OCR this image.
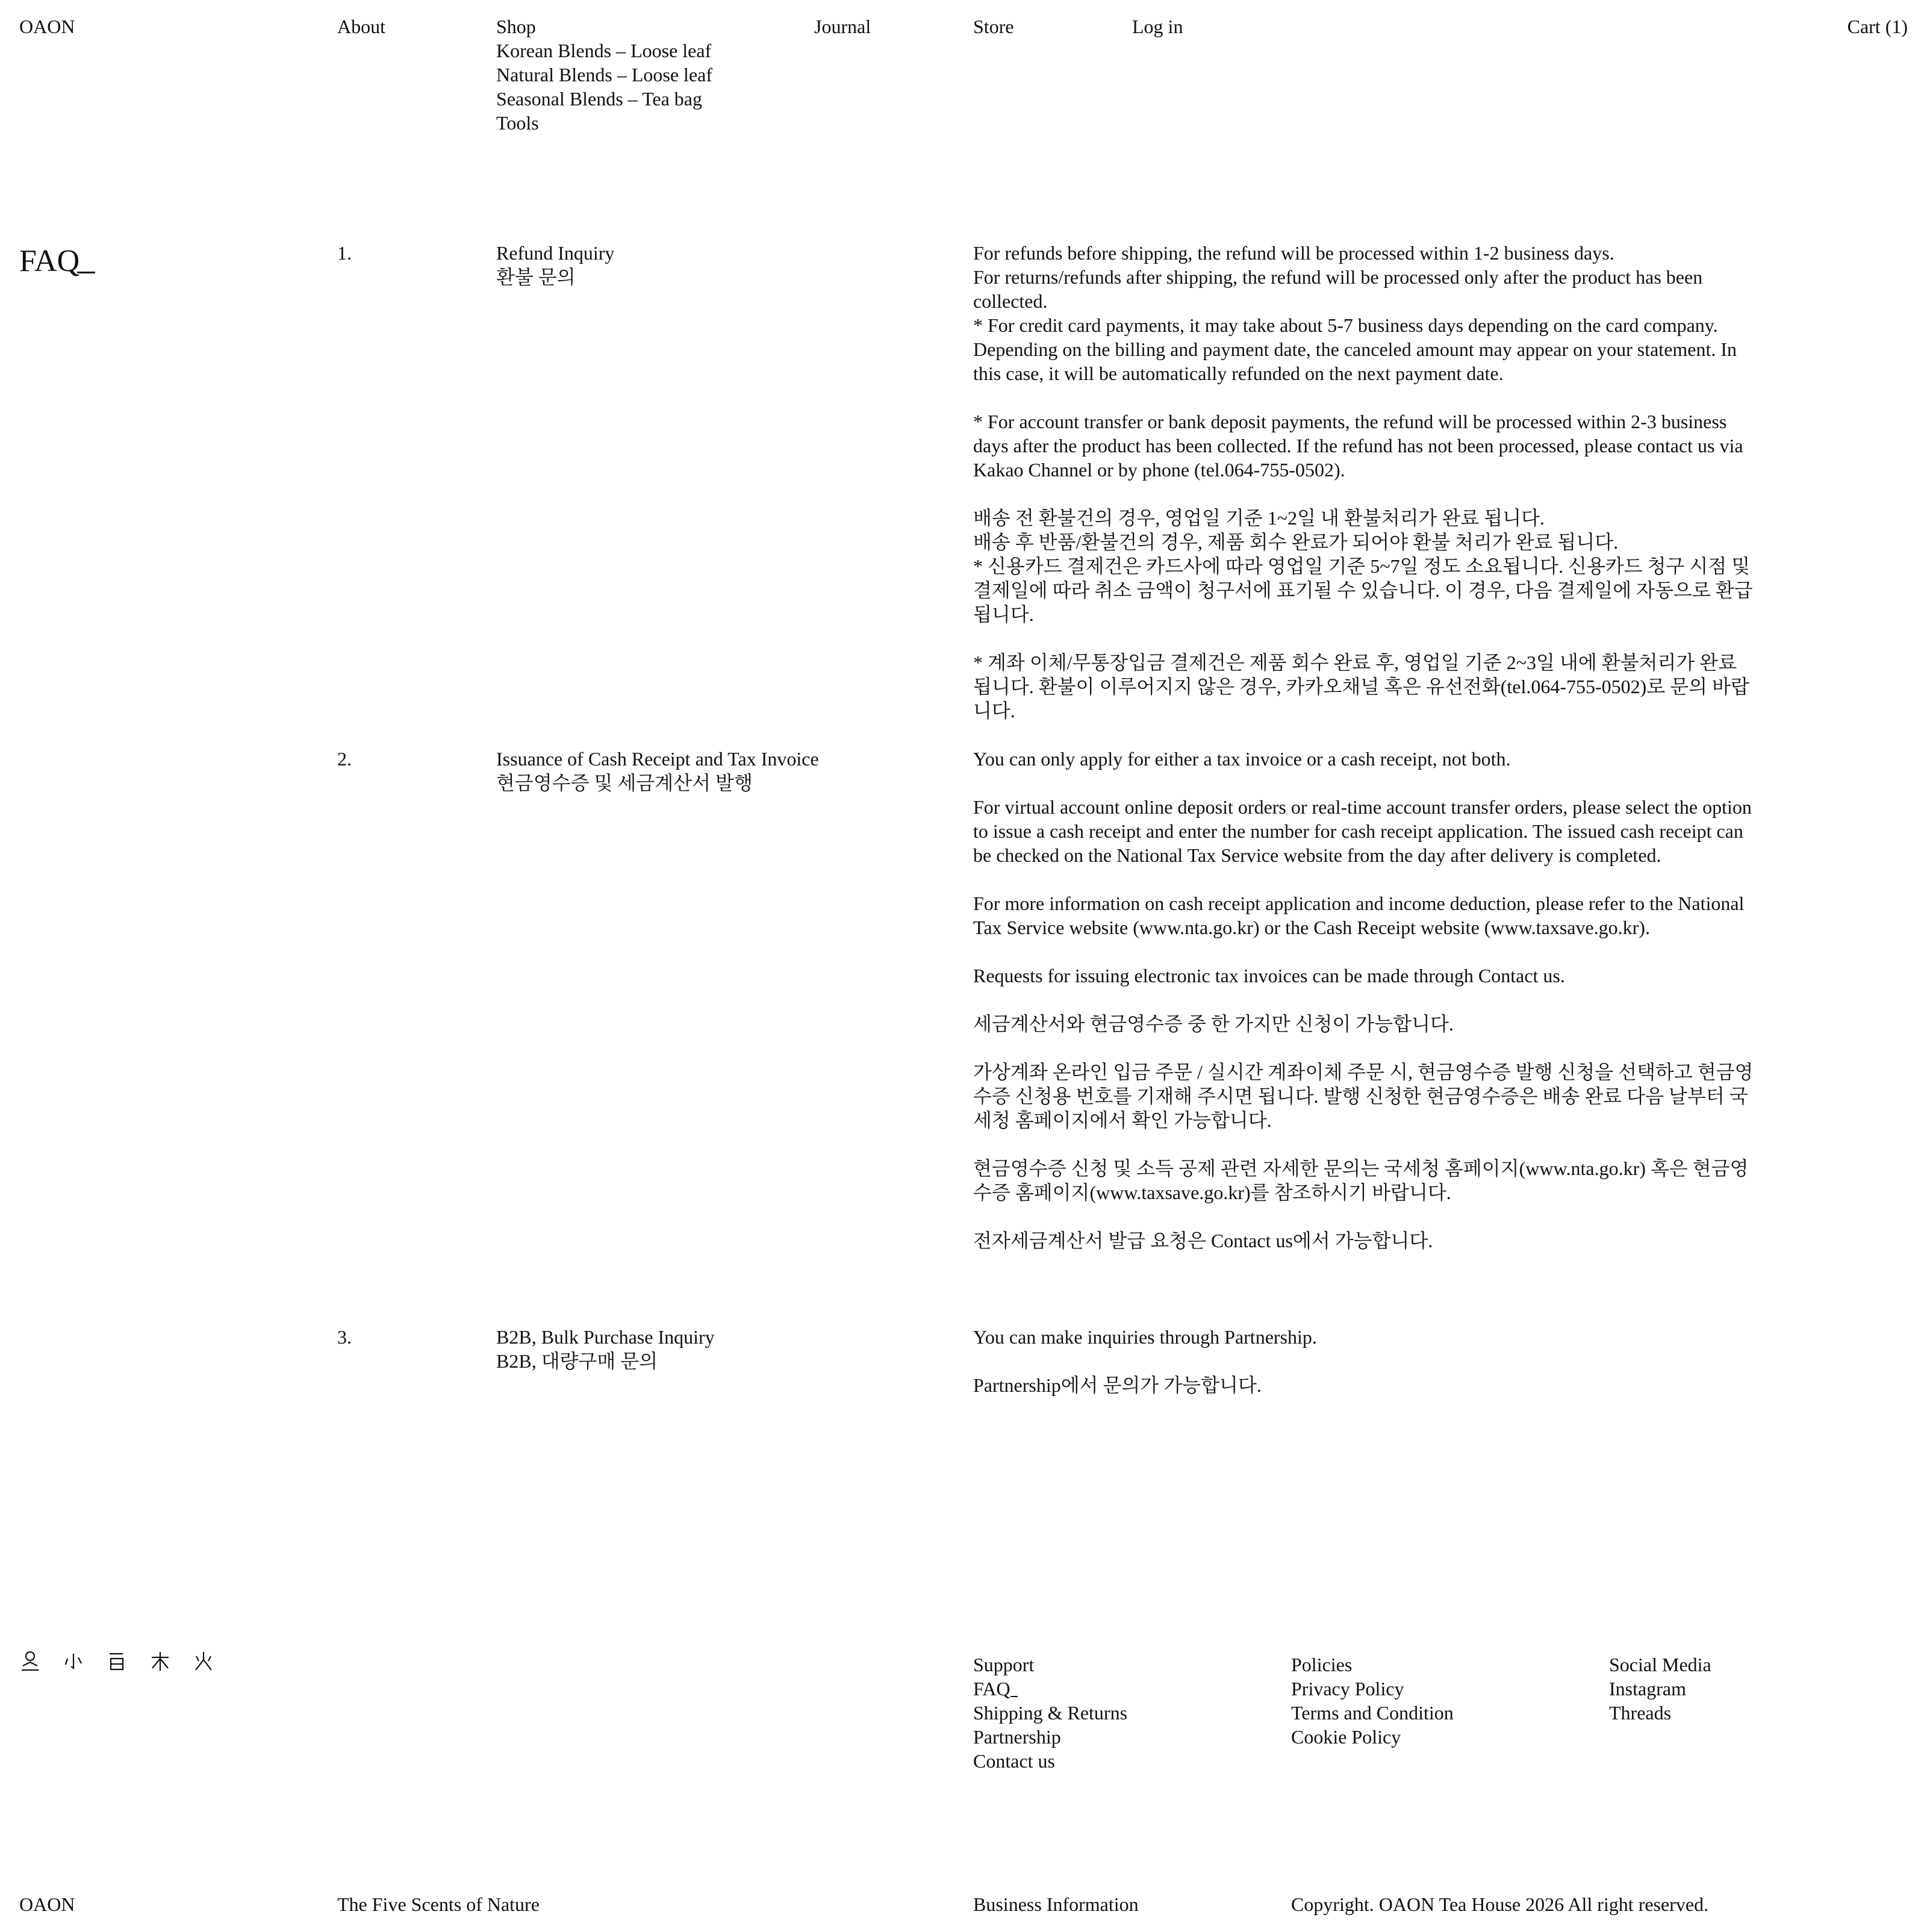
OAON	About	Shop
Korean Blends – Loose leaf
Natural Blends – Loose leaf
Seasonal Blends – Tea bag
Tools
Journal	Store	Log in	Cart (1)
FAQ	1.	Refund Inquiry
환불 문의

For refunds before shipping, the refund will be processed within 1-2 business days.
For returns/refunds after shipping, the refund will be processed only after the product has been collected.
* For credit card payments, it may take about 5-7 business days depending on the card company. Depending on the billing and payment date, the canceled amount may appear on your statement. In this case, it will be automatically refunded on the next payment date.

* For account transfer or bank deposit payments, the refund will be processed within 2-3 business days after the product has been collected. If the refund has not been processed, please contact us via Kakao Channel or by phone (tel.064-755-0502).

배송 전 환불건의 경우, 영업일 기준 1~2일 내 환불처리가 완료 됩니다.
배송 후 반품/환불건의 경우, 제품 회수 완료가 되어야 환불 처리가 완료 됩니다.
* 신용카드 결제건은 카드사에 따라 영업일 기준 5~7일 정도 소요됩니다. 신용카드 청구 시점 및 결제일에 따라 취소 금액이 청구서에 표기될 수 있습니다. 이 경우, 다음 결제일에 자동으로 환급됩니다.

* 계좌 이체/무통장입금 결제건은 제품 회수 완료 후, 영업일 기준 2~3일 내에 환불처리가 완료 됩니다. 환불이 이루어지지 않은 경우, 카카오채널 혹은 유선전화(tel.064-755-0502)로 문의 바랍니다.

2.	Issuance of Cash Receipt and Tax Invoice
현금영수증 및 세금계산서 발행

You can only apply for either a tax invoice or a cash receipt, not both.

For virtual account online deposit orders or real-time account transfer orders, please select the option to issue a cash receipt and enter the number for cash receipt application. The issued cash receipt can be checked on the National Tax Service website from the day after delivery is completed.

For more information on cash receipt application and income deduction, please refer to the National Tax Service website (www.nta.go.kr) or the Cash Receipt website (www.taxsave.go.kr).

Requests for issuing electronic tax invoices can be made through Contact us.

세금계산서와 현금영수증 중 한 가지만 신청이 가능합니다.

가상계좌 온라인 입금 주문 / 실시간 계좌이체 주문 시, 현금영수증 발행 신청을 선택하고 현금영수증 신청용 번호를 기재해 주시면 됩니다. 발행 신청한 현금영수증은 배송 완료 다음 날부터 국세청 홈페이지에서 확인 가능합니다.

현금영수증 신청 및 소득 공제 관련 자세한 문의는 국세청 홈페이지(www.nta.go.kr) 혹은 현금영수증 홈페이지(www.taxsave.go.kr)를 참조하시기 바랍니다.

전자세금계산서 발급 요청은 Contact us에서 가능합니다.

3.	B2B, Bulk Purchase Inquiry
B2B, 대량구매 문의

You can make inquiries through Partnership.

Partnership에서 문의가 가능합니다.

Support
FAQ
Shipping & Returns
Partnership
Contact us
Policies
Privacy Policy
Terms and Condition
Cookie Policy
Social Media
Instagram
Threads
OAON	The Five Scents of Nature	Business Information	Copyright. OAON Tea House 2026 All right reserved.
